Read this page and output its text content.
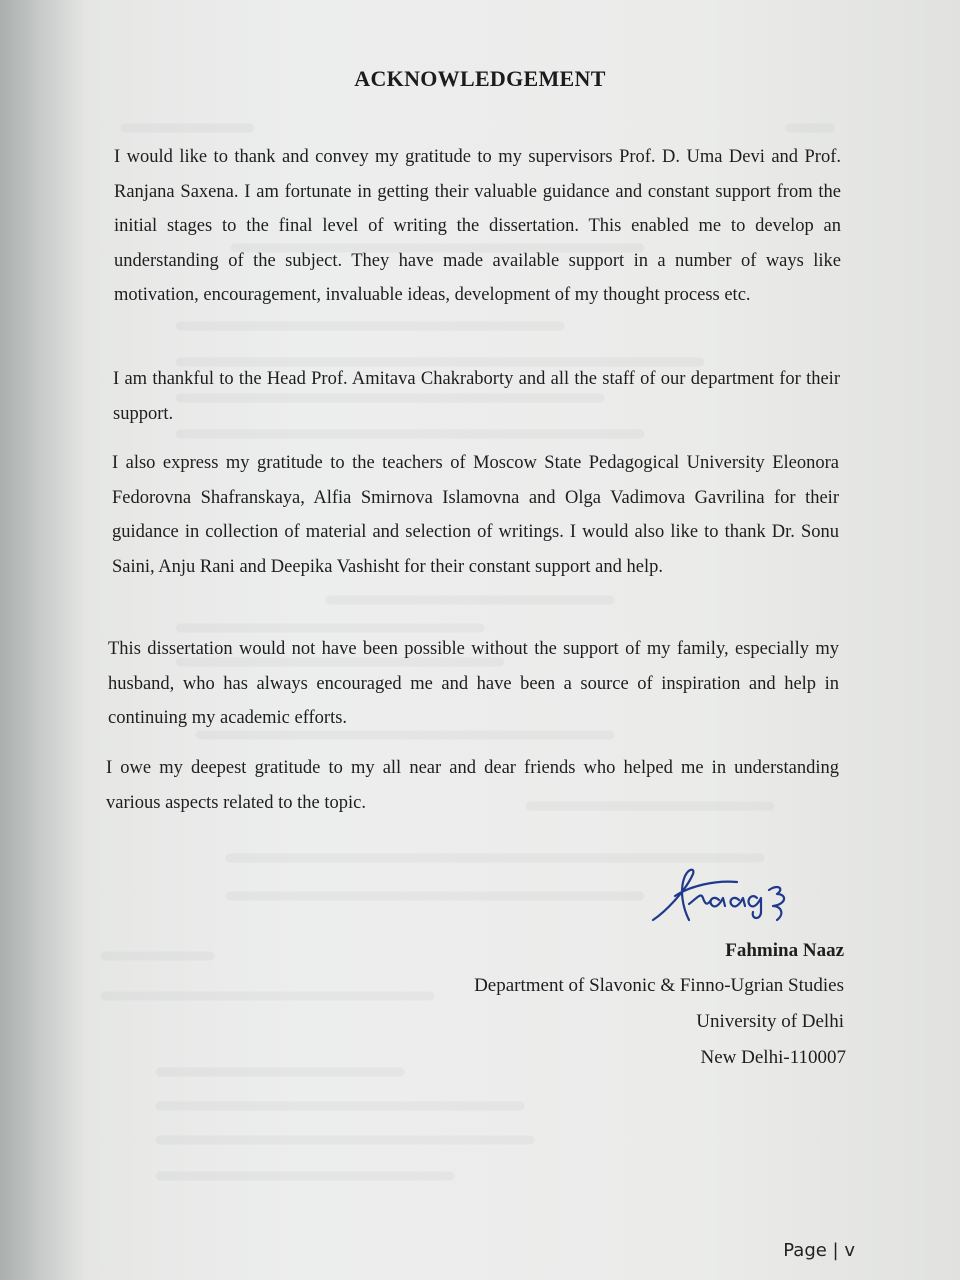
ACKNOWLEDGEMENT

I would like to thank and convey my gratitude to my supervisors Prof. D. Uma Devi and Prof. Ranjana Saxena. I am fortunate in getting their valuable guidance and constant support from the initial stages to the final level of writing the dissertation. This enabled me to develop an understanding of the subject. They have made available support in a number of ways like motivation, encouragement, invaluable ideas, development of my thought process etc.

I am thankful to the Head Prof. Amitava Chakraborty and all the staff of our department for their support.

I also express my gratitude to the teachers of Moscow State Pedagogical University Eleonora Fedorovna Shafranskaya, Alfia Smirnova Islamovna and Olga Vadimova Gavrilina for their guidance in collection of material and selection of writings. I would also like to thank Dr. Sonu Saini, Anju Rani and Deepika Vashisht for their constant support and help.

This dissertation would not have been possible without the support of my family, especially my husband, who has always encouraged me and have been a source of inspiration and help in continuing my academic efforts.

I owe my deepest gratitude to my all near and dear friends who helped me in understanding various aspects related to the topic.

Fahmina Naaz
Department of Slavonic & Finno-Ugrian Studies
University of Delhi
New Delhi-110007
Page | v
